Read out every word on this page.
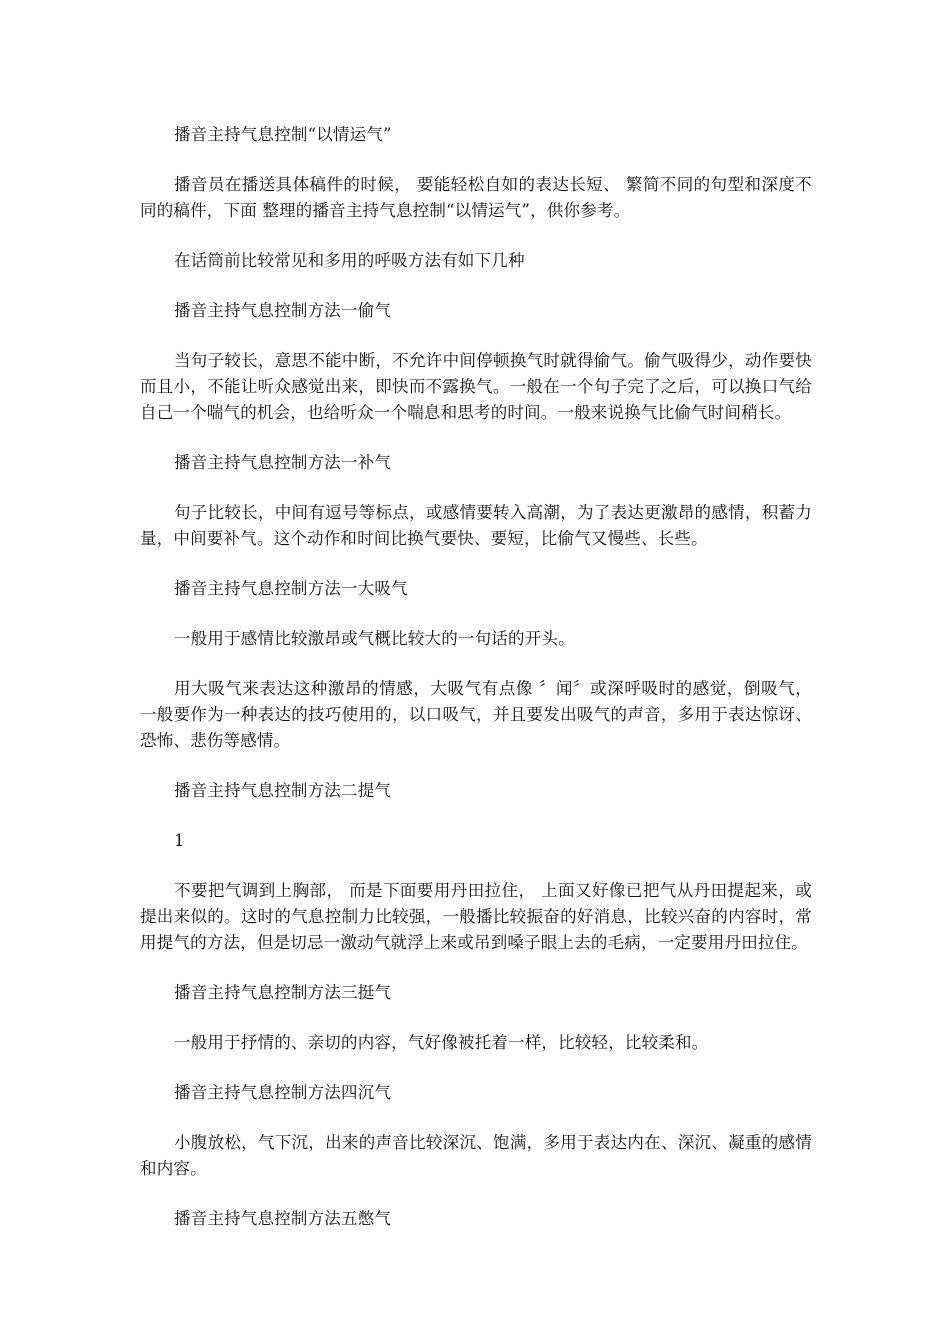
播音主持气息控制“以情运气”

播音员在播送具体稿件的时候， 要能轻松自如的表达长短、 繁简不同的句型和深度不同的稿件，下面 整理的播音主持气息控制“以情运气”，供你参考。

在话筒前比较常见和多用的呼吸方法有如下几种

播音主持气息控制方法一偷气

当句子较长，意思不能中断，不允许中间停顿换气时就得偷气。偷气吸得少，动作要快而且小，不能让听众感觉出来，即快而不露换气。一般在一个句子完了之后，可以换口气给自己一个喘气的机会，也给听众一个喘息和思考的时间。一般来说换气比偷气时间稍长。

播音主持气息控制方法一补气

句子比较长，中间有逗号等标点，或感情要转入高潮，为了表达更激昂的感情，积蓄力量，中间要补气。这个动作和时间比换气要快、要短，比偷气又慢些、长些。

播音主持气息控制方法一大吸气

一般用于感情比较激昂或气概比较大的一句话的开头。

用大吸气来表达这种激昂的情感，大吸气有点像 〞闻〞或深呼吸时的感觉，倒吸气，一般要作为一种表达的技巧使用的，以口吸气，并且要发出吸气的声音，多用于表达惊讶、恐怖、悲伤等感情。

播音主持气息控制方法二提气

1

不要把气调到上胸部， 而是下面要用丹田拉住， 上面又好像已把气从丹田提起来，或提出来似的。这时的气息控制力比较强，一般播比较振奋的好消息，比较兴奋的内容时，常用提气的方法，但是切忌一激动气就浮上来或吊到嗓子眼上去的毛病，一定要用丹田拉住。

播音主持气息控制方法三挺气

一般用于抒情的、亲切的内容，气好像被托着一样，比较轻，比较柔和。

播音主持气息控制方法四沉气

小腹放松，气下沉，出来的声音比较深沉、饱满，多用于表达内在、深沉、凝重的感情和内容。

播音主持气息控制方法五憋气
